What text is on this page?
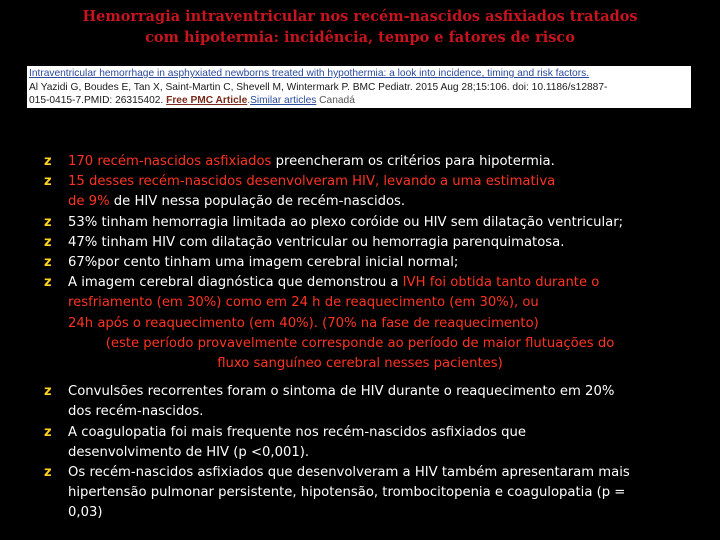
Hemorragia intraventricular nos recém-nascidos asfixiados tratados
com hipotermia: incidência, tempo e fatores de risco
Intraventricular hemorrhage in asphyxiated newborns treated with hypothermia: a look into incidence, timing and risk factors.
Al Yazidi G, Boudes E, Tan X, Saint-Martin C, Shevell M, Wintermark P. BMC Pediatr. 2015 Aug 28;15:106. doi: 10.1186/s12887-
015-0415-7.PMID: 26315402. Free PMC Article.Similar articles Canadá
z 170 recém-nascidos asfixiados preencheram os critérios para hipotermia.
z 15 desses recém-nascidos desenvolveram HIV, levando a uma estimativa
de 9% de HIV nessa população de recém-nascidos.
z 53% tinham hemorragia limitada ao plexo coróide ou HIV sem dilatação ventricular;
z 47% tinham HIV com dilatação ventricular ou hemorragia parenquimatosa.
z 67%por cento tinham uma imagem cerebral inicial normal;
z A imagem cerebral diagnóstica que demonstrou a IVH foi obtida tanto durante o
resfriamento (em 30%) como em 24 h de reaquecimento (em 30%), ou
24h após o reaquecimento (em 40%). (70% na fase de reaquecimento)
(este período provavelmente corresponde ao período de maior flutuações do
fluxo sanguíneo cerebral nesses pacientes)
z Convulsões recorrentes foram o sintoma de HIV durante o reaquecimento em 20%
dos recém-nascidos.
z A coagulopatia foi mais frequente nos recém-nascidos asfixiados que
desenvolvimento de HIV (p <0,001).
z Os recém-nascidos asfixiados que desenvolveram a HIV também apresentaram mais
hipertensão pulmonar persistente, hipotensão, trombocitopenia e coagulopatia (p =
0,03)
